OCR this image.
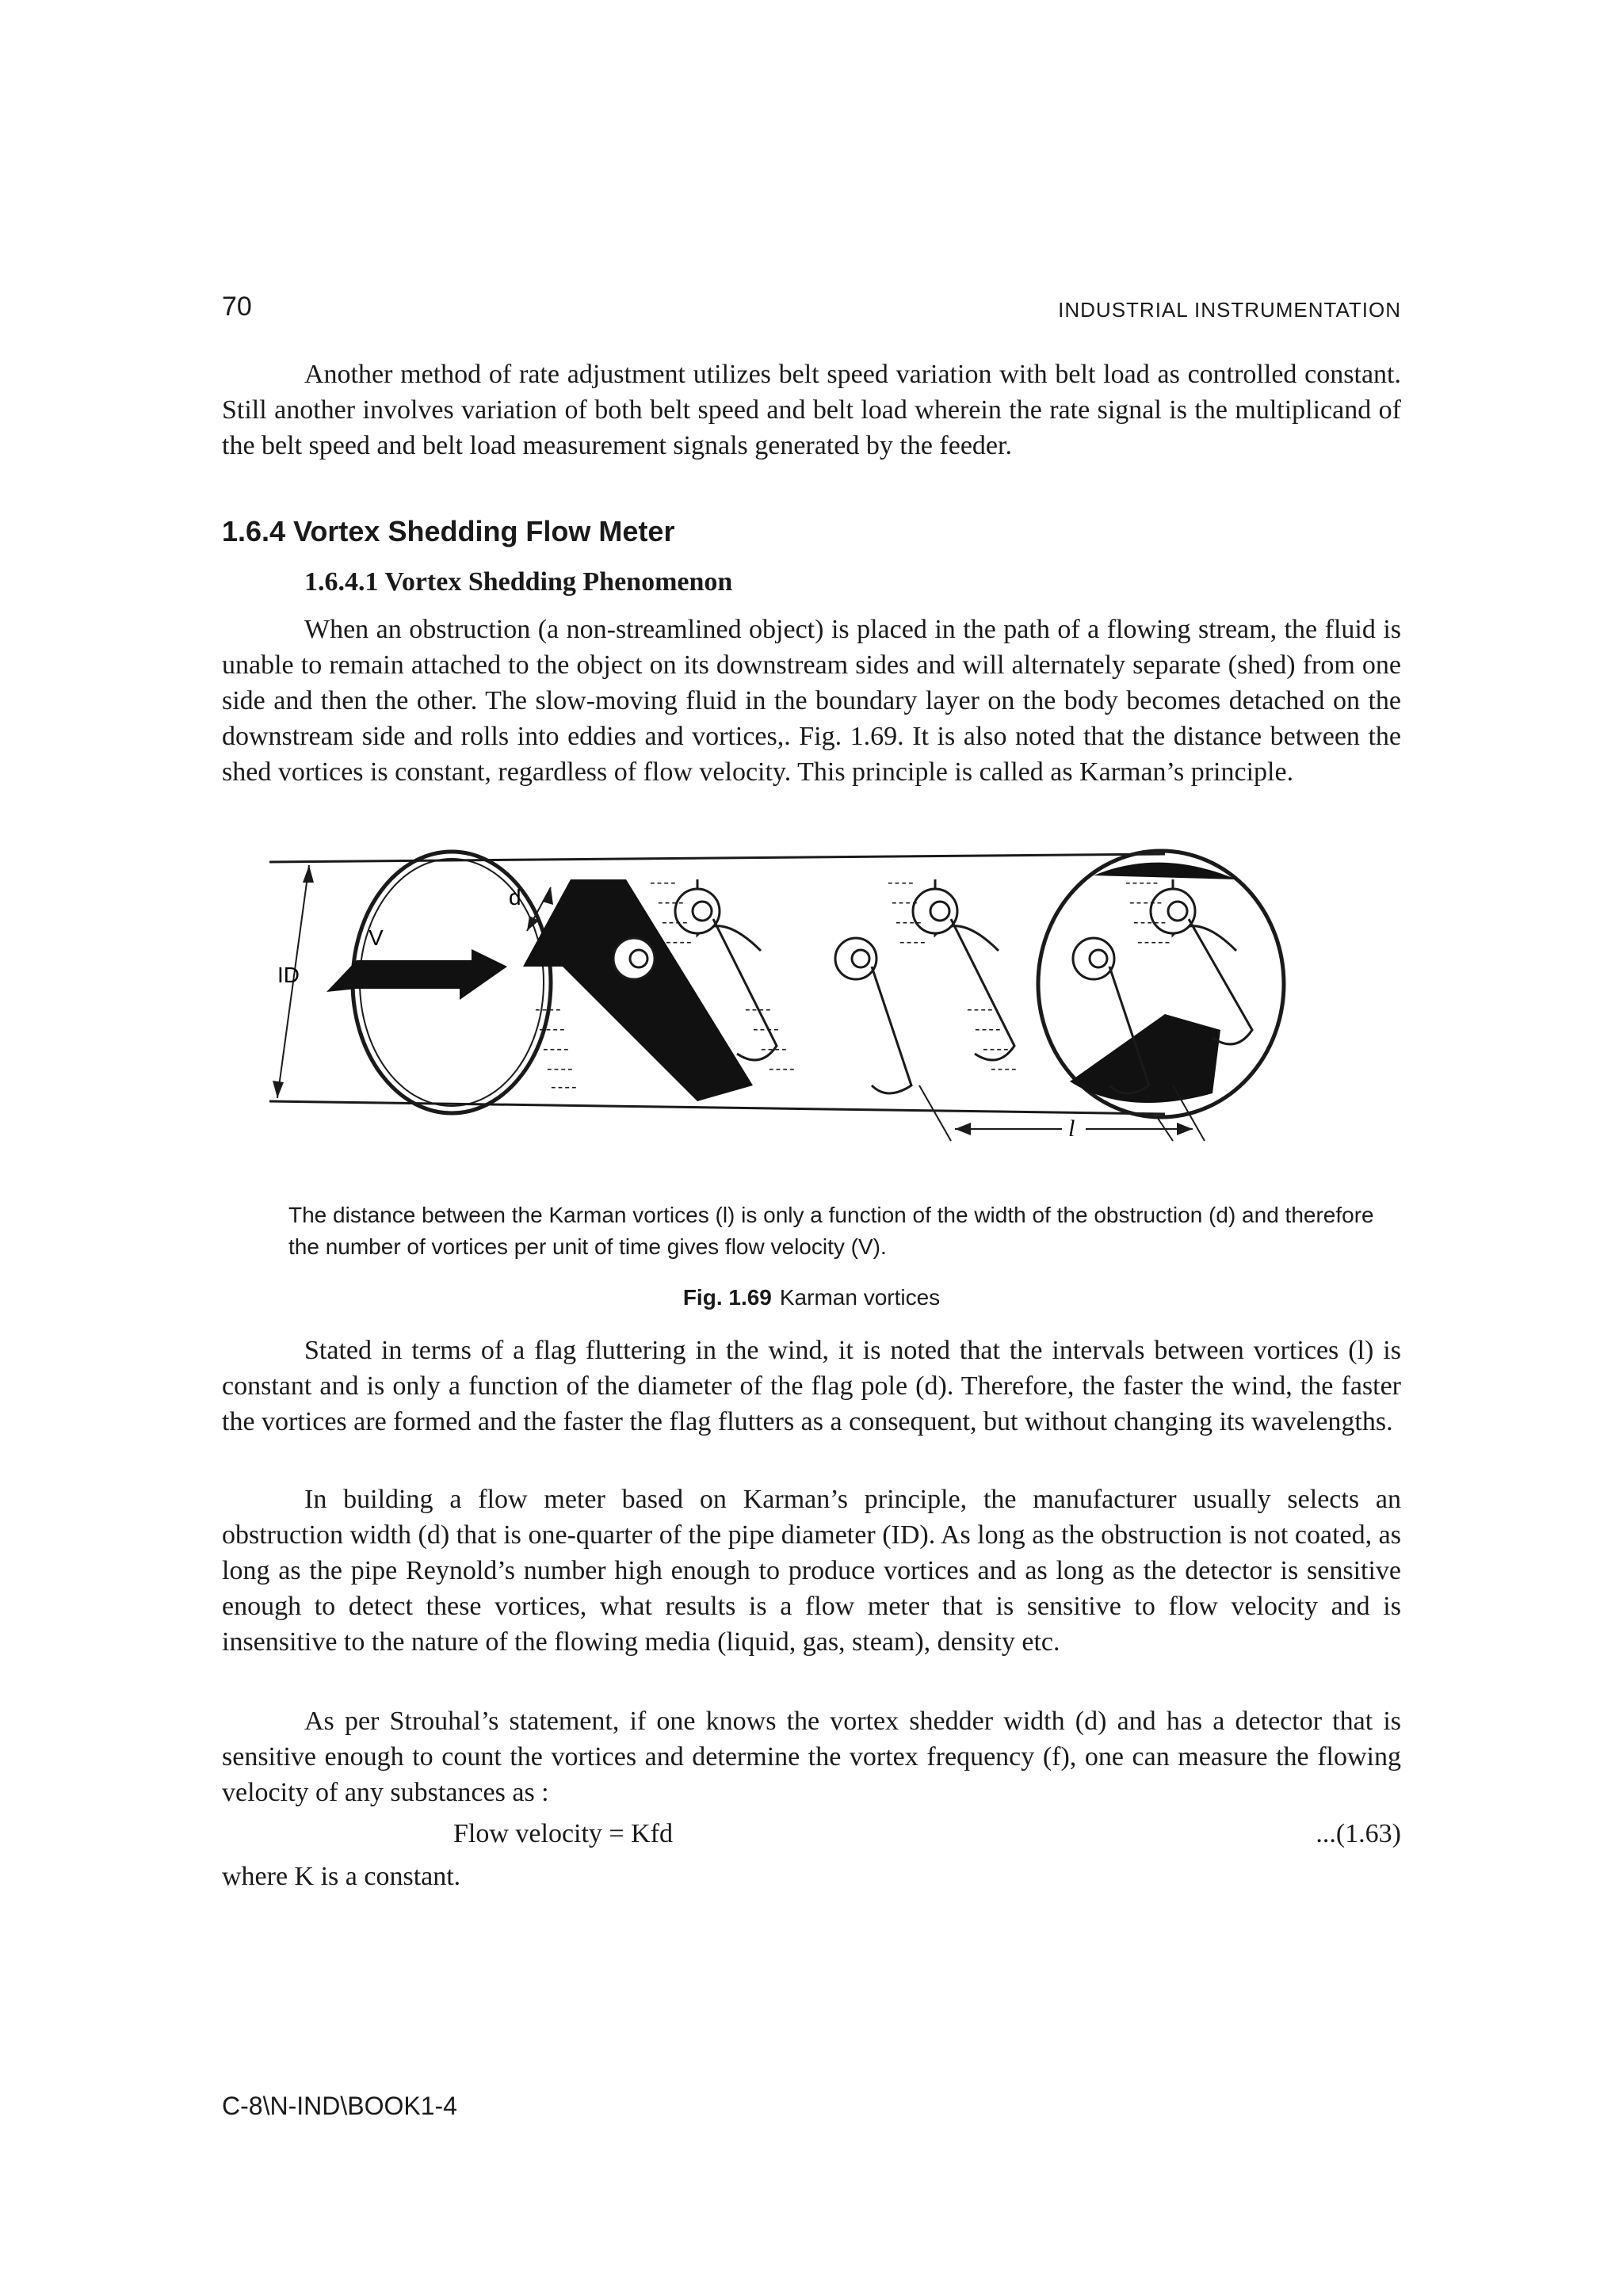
70	INDUSTRIAL INSTRUMENTATION

Another method of rate adjustment utilizes belt speed variation with belt load as controlled constant. Still another involves variation of both belt speed and belt load wherein the rate signal is the multiplicand of the belt speed and belt load measurement signals generated by the feeder.

1.6.4 Vortex Shedding Flow Meter
1.6.4.1 Vortex Shedding Phenomenon

When an obstruction (a non-streamlined object) is placed in the path of a flowing stream, the fluid is unable to remain attached to the object on its downstream sides and will alternately separate (shed) from one side and then the other. The slow-moving fluid in the boundary layer on the body becomes detached on the downstream side and rolls into eddies and vortices,. Fig. 1.69. It is also noted that the distance between the shed vortices is constant, regardless of flow velocity. This principle is called as Karman’s principle.

ID
V
d
----
----
----
----
----
----
----
----
-----
-----
-----
-----
----
----
----
----
----
----
----
----
----
----
----
----
----
l

The distance between the Karman vortices (l) is only a function of the width of the obstruction (d) and therefore the number of vortices per unit of time gives flow velocity (V).

Fig. 1.69 Karman vortices

Stated in terms of a flag fluttering in the wind, it is noted that the intervals between vortices (l) is constant and is only a function of the diameter of the flag pole (d). Therefore, the faster the wind, the faster the vortices are formed and the faster the flag flutters as a consequent, but without changing its wavelengths.

In building a flow meter based on Karman’s principle, the manufacturer usually selects an obstruction width (d) that is one-quarter of the pipe diameter (ID). As long as the obstruction is not coated, as long as the pipe Reynold’s number high enough to produce vortices and as long as the detector is sensitive enough to detect these vortices, what results is a flow meter that is sensitive to flow velocity and is insensitive to the nature of the flowing media (liquid, gas, steam), density etc.

As per Strouhal’s statement, if one knows the vortex shedder width (d) and has a detector that is sensitive enough to count the vortices and determine the vortex frequency (f), one can measure the flowing velocity of any substances as :

Flow velocity = Kfd	...(1.63)

where K is a constant.

C-8\N-IND\BOOK1-4
